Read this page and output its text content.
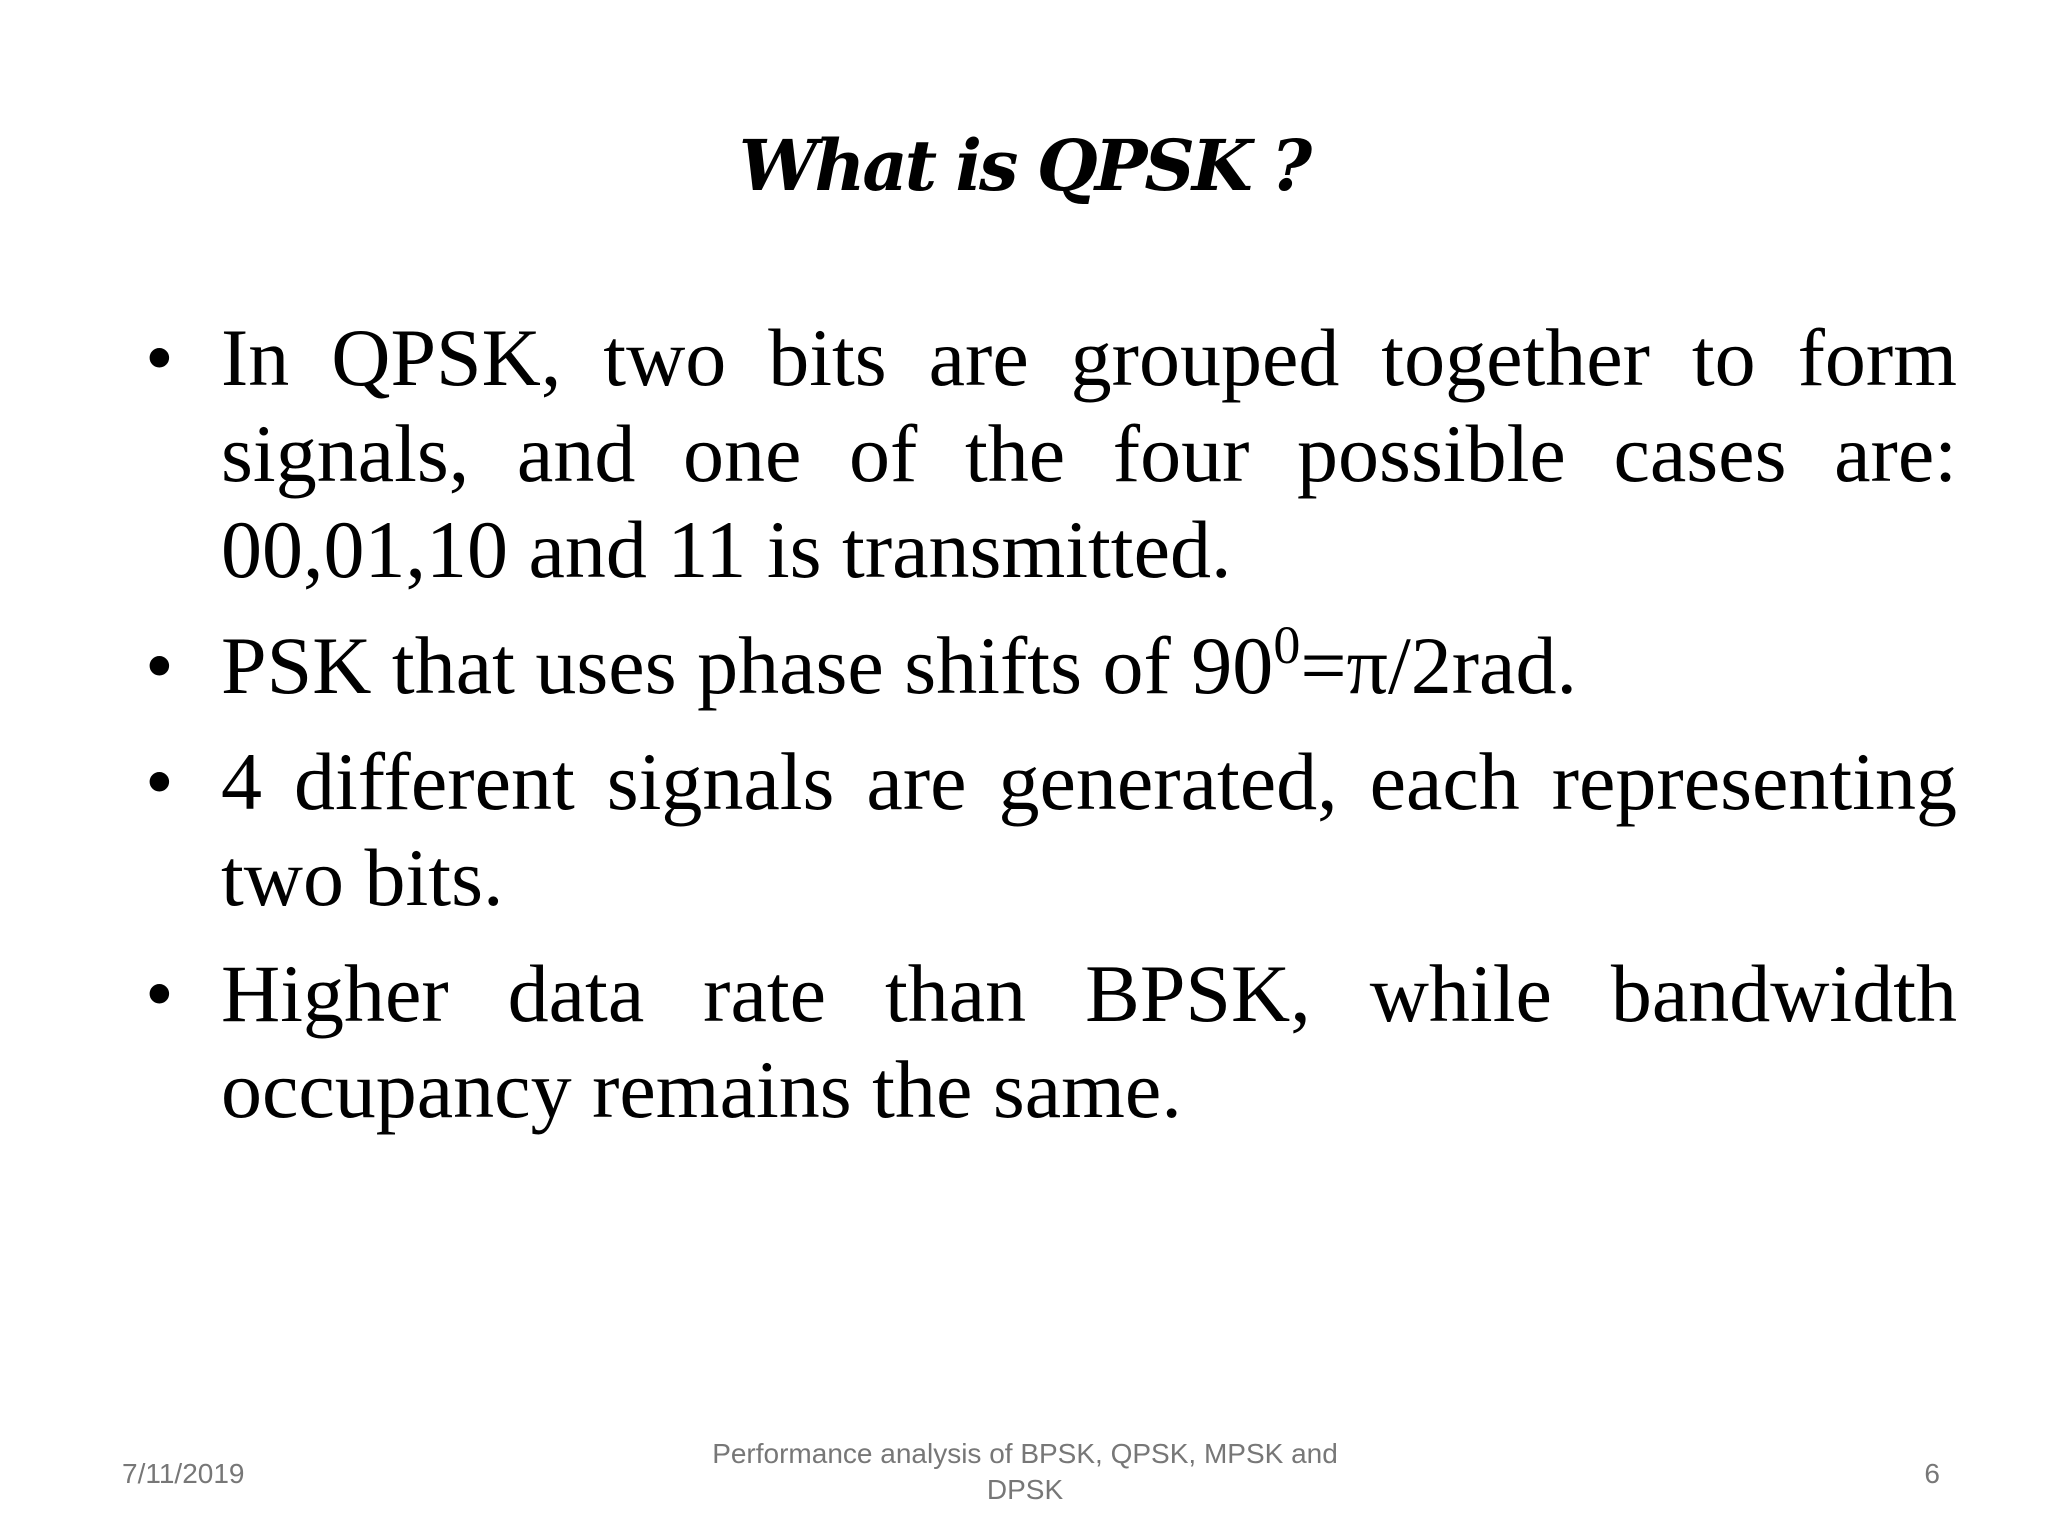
What is QPSK ?
• In QPSK, two bits are grouped together to form signals, and one of the four possible cases are: 00,01,10 and 11 is transmitted.
• PSK that uses phase shifts of $90^0=\pi/2rad$.
• 4 different signals are generated, each representing two bits.
• Higher data rate than BPSK, while bandwidth occupancy remains the same.
7/11/2019
Performance analysis of BPSK, QPSK, MPSK and DPSK
6
